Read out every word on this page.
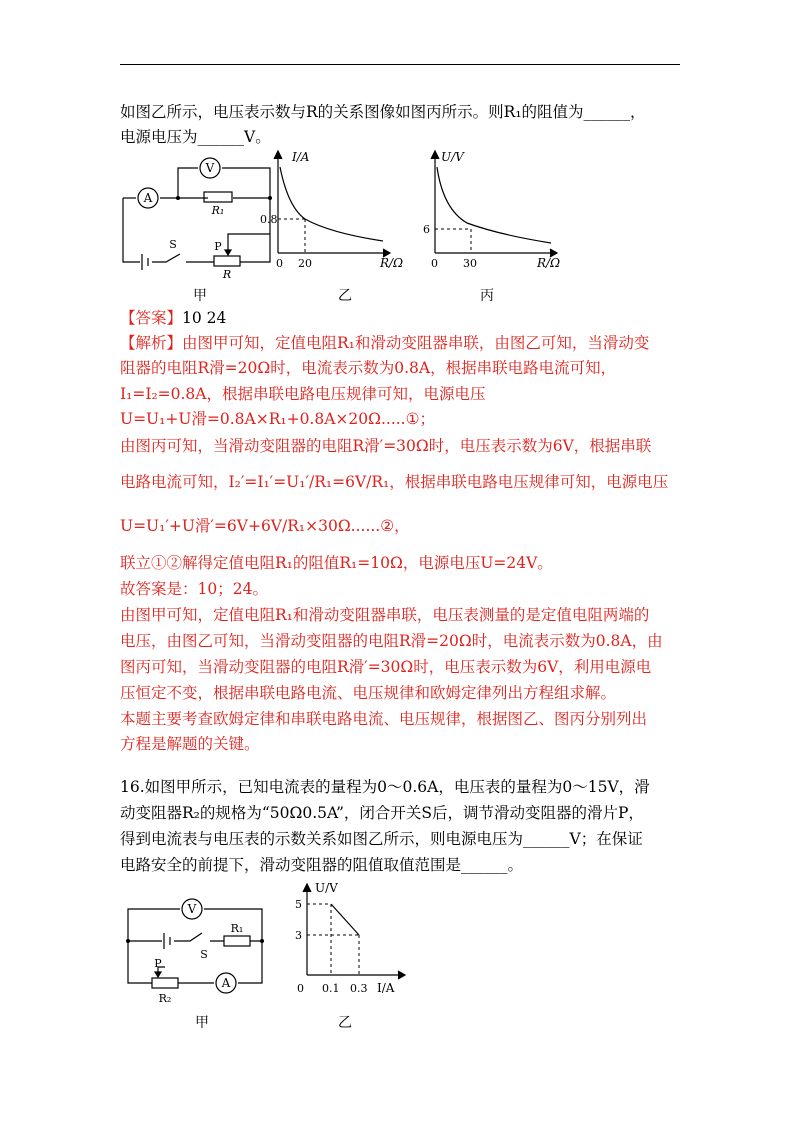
如图乙所示，电压表示数与R的关系图像如图丙所示。则R₁的阻值为______，
电源电压为______V。
A
V
R₁
S	P
R
甲
I/A
R/Ω
0.8
0 20
乙
U/V
R/Ω
6
0 30
丙
【答案】10 24
【解析】由图甲可知，定值电阻R₁和滑动变阻器串联，由图乙可知，当滑动变
阻器的电阻R滑=20Ω时，电流表示数为0.8A，根据串联电路电流可知，
I₁=I₂=0.8A，根据串联电路电压规律可知，电源电压
U=U₁+U滑=0.8A×R₁+0.8A×20Ω.....①；
由图丙可知，当滑动变阻器的电阻R滑′=30Ω时，电压表示数为6V，根据串联
电路电流可知，I₂′=I₁′=U₁′/R₁=6V/R₁，根据串联电路电压规律可知，电源电压
U=U₁′+U滑′=6V+6V/R₁×30Ω......②，
联立①②解得定值电阻R₁的阻值R₁=10Ω，电源电压U=24V。
故答案是：10；24。
由图甲可知，定值电阻R₁和滑动变阻器串联，电压表测量的是定值电阻两端的
电压，由图乙可知，当滑动变阻器的电阻R滑=20Ω时，电流表示数为0.8A，由
图丙可知，当滑动变阻器的电阻R滑′=30Ω时，电压表示数为6V，利用电源电
压恒定不变，根据串联电路电流、电压规律和欧姆定律列出方程组求解。
本题主要考查欧姆定律和串联电路电流、电压规律，根据图乙、图丙分别列出
方程是解题的关键。
16.如图甲所示，已知电流表的量程为0～0.6A，电压表的量程为0～15V，滑
动变阻器R₂的规格为“50Ω0.5A”，闭合开关S后，调节滑动变阻器的滑片P，
得到电流表与电压表的示数关系如图乙所示，则电源电压为______V；在保证
电路安全的前提下，滑动变阻器的阻值取值范围是______。
V
A
R₁
S
P
R₂
甲
U/V
I/A
5
3
0 0.1 0.3
乙
